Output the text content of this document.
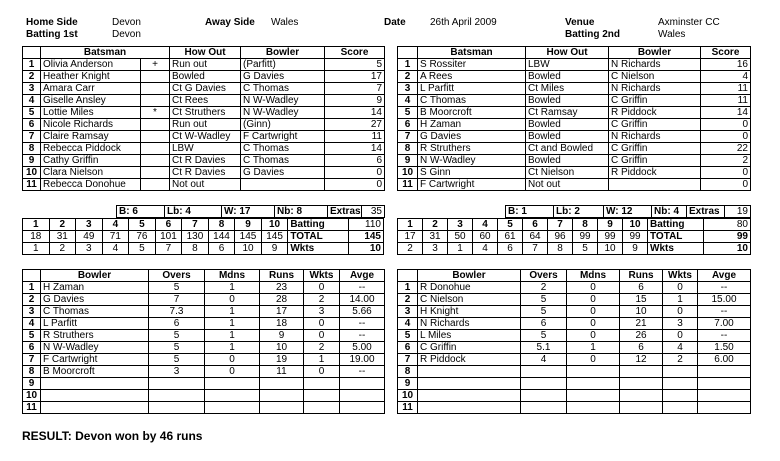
Home Side	Devon
Batting 1st	Devon
Away Side Wales	Date 26th April 2009	Venue	Axminster CC
Batting 2nd	Wales
	Batsman		How Out	Bowler	Score
1	Olivia Anderson	+	Run out	(Parfitt)	5
2	Heather Knight		Bowled	G Davies	17
3	Amara Carr		Ct G Davies	C Thomas	7
4	Giselle Ansley		Ct Rees	N W-Wadley	9
5	Lottie Miles	*	Ct Struthers	N W-Wadley	14
6	Nicole Richards		Run out	(Ginn)	27
7	Claire Ramsay		Ct W-Wadley	F Cartwright	11
8	Rebecca Piddock		LBW	C Thomas	14
9	Cathy Griffin		Ct R Davies	C Thomas	6
10	Clara Nielson		Ct R Davies	G Davies	0
11	Rebecca Donohue		Not out		0
	Batsman	How Out	Bowler	Score
1	S Rossiter	LBW	N Richards	16
2	A Rees	Bowled	C Nielson	4
3	L Parfitt	Ct Miles	N Richards	11
4	C Thomas	Bowled	C Griffin	11
5	B Moorcroft	Ct Ramsay	R Piddock	14
6	H Zaman	Bowled	C Griffin	0
7	G Davies	Bowled	N Richards	0
8	R Struthers	Ct and Bowled	C Griffin	22
9	N W-Wadley	Bowled	C Griffin	2
10	S Ginn	Ct Nielson	R Piddock	0
11	F Cartwright	Not out		0
B: 6	Lb: 4	W: 17	Nb: 8	Extras	35
1	2	3	4	5	6	7	8	9	10	Batting	110
18	31	49	71	76	101	130	144	145	145	TOTAL	145
1	2	3	4	5	7	8	6	10	9	Wkts	10
B: 1	Lb: 2	W: 12	Nb: 4	Extras	19
1	2	3	4	5	6	7	8	9	10	Batting	80
17	31	50	60	61	64	96	99	99	99	TOTAL	99
2	3	1	4	6	7	8	5	10	9	Wkts	10
	Bowler	Overs	Mdns	Runs	Wkts	Avge
1	H Zaman	5	1	23	0	--
2	G Davies	7	0	28	2	14.00
3	C Thomas	7.3	1	17	3	5.66
4	L Parfitt	6	1	18	0	--
5	R Struthers	5	1	9	0	--
6	N W-Wadley	5	1	10	2	5.00
7	F Cartwright	5	0	19	1	19.00
8	B Moorcroft	3	0	11	0	--
9						
10						
11						
	Bowler	Overs	Mdns	Runs	Wkts	Avge
1	R Donohue	2	0	6	0	--
2	C Nielson	5	0	15	1	15.00
3	H Knight	5	0	10	0	--
4	N Richards	6	0	21	3	7.00
5	L Miles	5	0	26	0	--
6	C Griffin	5.1	1	6	4	1.50
7	R Piddock	4	0	12	2	6.00
8						
9						
10						
11						
RESULT: Devon won by 46 runs
